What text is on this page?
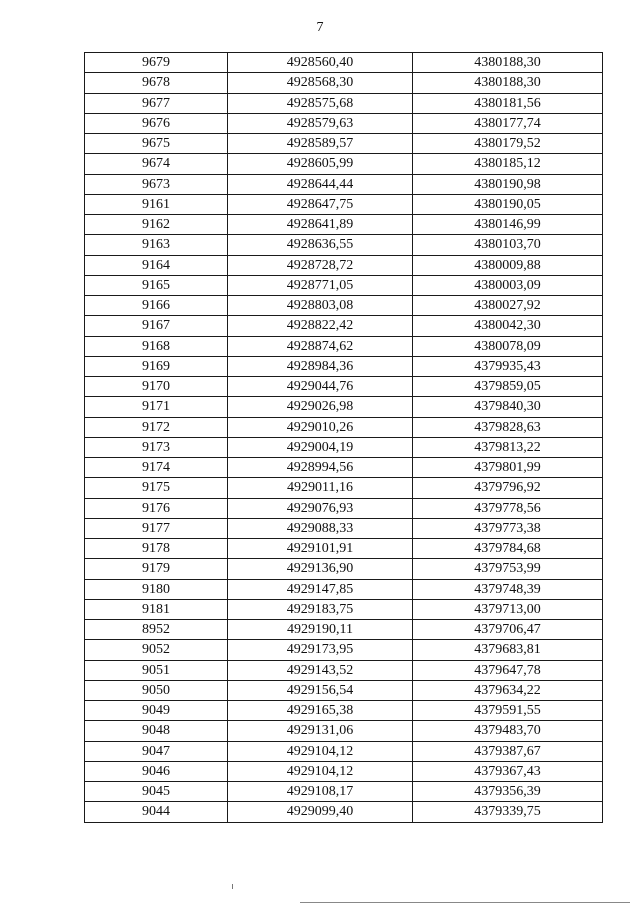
7
9679	4928560,40	4380188,30
9678	4928568,30	4380188,30
9677	4928575,68	4380181,56
9676	4928579,63	4380177,74
9675	4928589,57	4380179,52
9674	4928605,99	4380185,12
9673	4928644,44	4380190,98
9161	4928647,75	4380190,05
9162	4928641,89	4380146,99
9163	4928636,55	4380103,70
9164	4928728,72	4380009,88
9165	4928771,05	4380003,09
9166	4928803,08	4380027,92
9167	4928822,42	4380042,30
9168	4928874,62	4380078,09
9169	4928984,36	4379935,43
9170	4929044,76	4379859,05
9171	4929026,98	4379840,30
9172	4929010,26	4379828,63
9173	4929004,19	4379813,22
9174	4928994,56	4379801,99
9175	4929011,16	4379796,92
9176	4929076,93	4379778,56
9177	4929088,33	4379773,38
9178	4929101,91	4379784,68
9179	4929136,90	4379753,99
9180	4929147,85	4379748,39
9181	4929183,75	4379713,00
8952	4929190,11	4379706,47
9052	4929173,95	4379683,81
9051	4929143,52	4379647,78
9050	4929156,54	4379634,22
9049	4929165,38	4379591,55
9048	4929131,06	4379483,70
9047	4929104,12	4379387,67
9046	4929104,12	4379367,43
9045	4929108,17	4379356,39
9044	4929099,40	4379339,75
